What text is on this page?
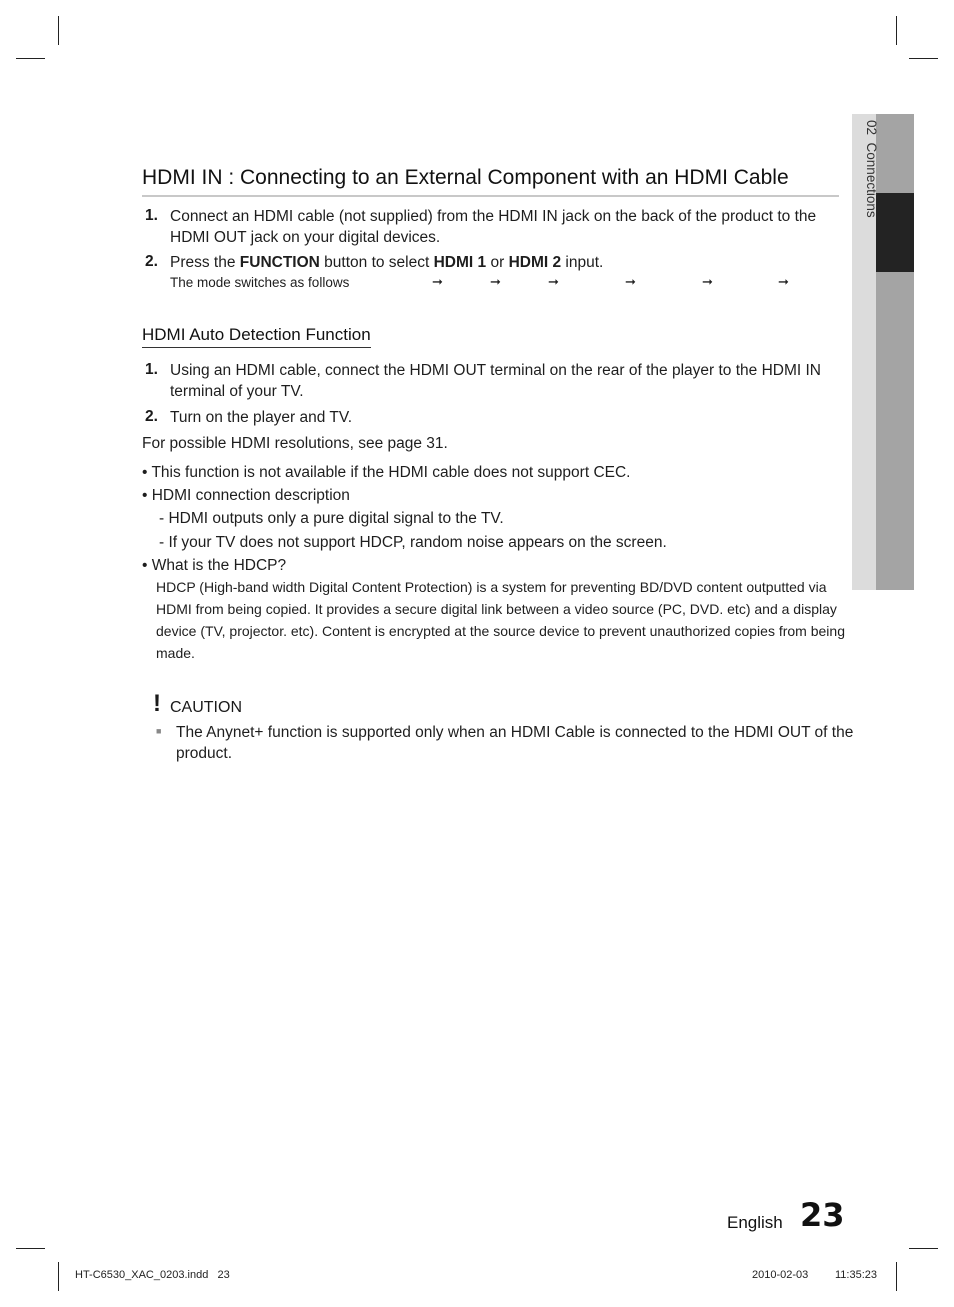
02  Connections
HDMI IN : Connecting to an External Component with an HDMI Cable
1. Connect an HDMI cable (not supplied) from the HDMI IN jack on the back of the product to the
HDMI OUT jack on your digital devices.
2. Press the FUNCTION button to select HDMI 1 or HDMI 2 input.
The mode switches as follows	➞	➞	➞	➞	➞	➞
HDMI Auto Detection Function
1. Using an HDMI cable, connect the HDMI OUT terminal on the rear of the player to the HDMI IN
terminal of your TV.
2. Turn on the player and TV.
For possible HDMI resolutions, see page 31.
• This function is not available if the HDMI cable does not support CEC.
• HDMI connection description
- HDMI outputs only a pure digital signal to the TV.
- If your TV does not support HDCP, random noise appears on the screen.
• What is the HDCP?
HDCP (High-band width Digital Content Protection) is a system for preventing BD/DVD content outputted via
HDMI from being copied. It provides a secure digital link between a video source (PC, DVD. etc) and a display
device (TV, projector. etc). Content is encrypted at the source device to prevent unauthorized copies from being
made.
! CAUTION
■ The Anynet+ function is supported only when an HDMI Cable is connected to the HDMI OUT of the
product.
English 23
HT-C6530_XAC_0203.indd   23	2010-02-03 11:35:23
